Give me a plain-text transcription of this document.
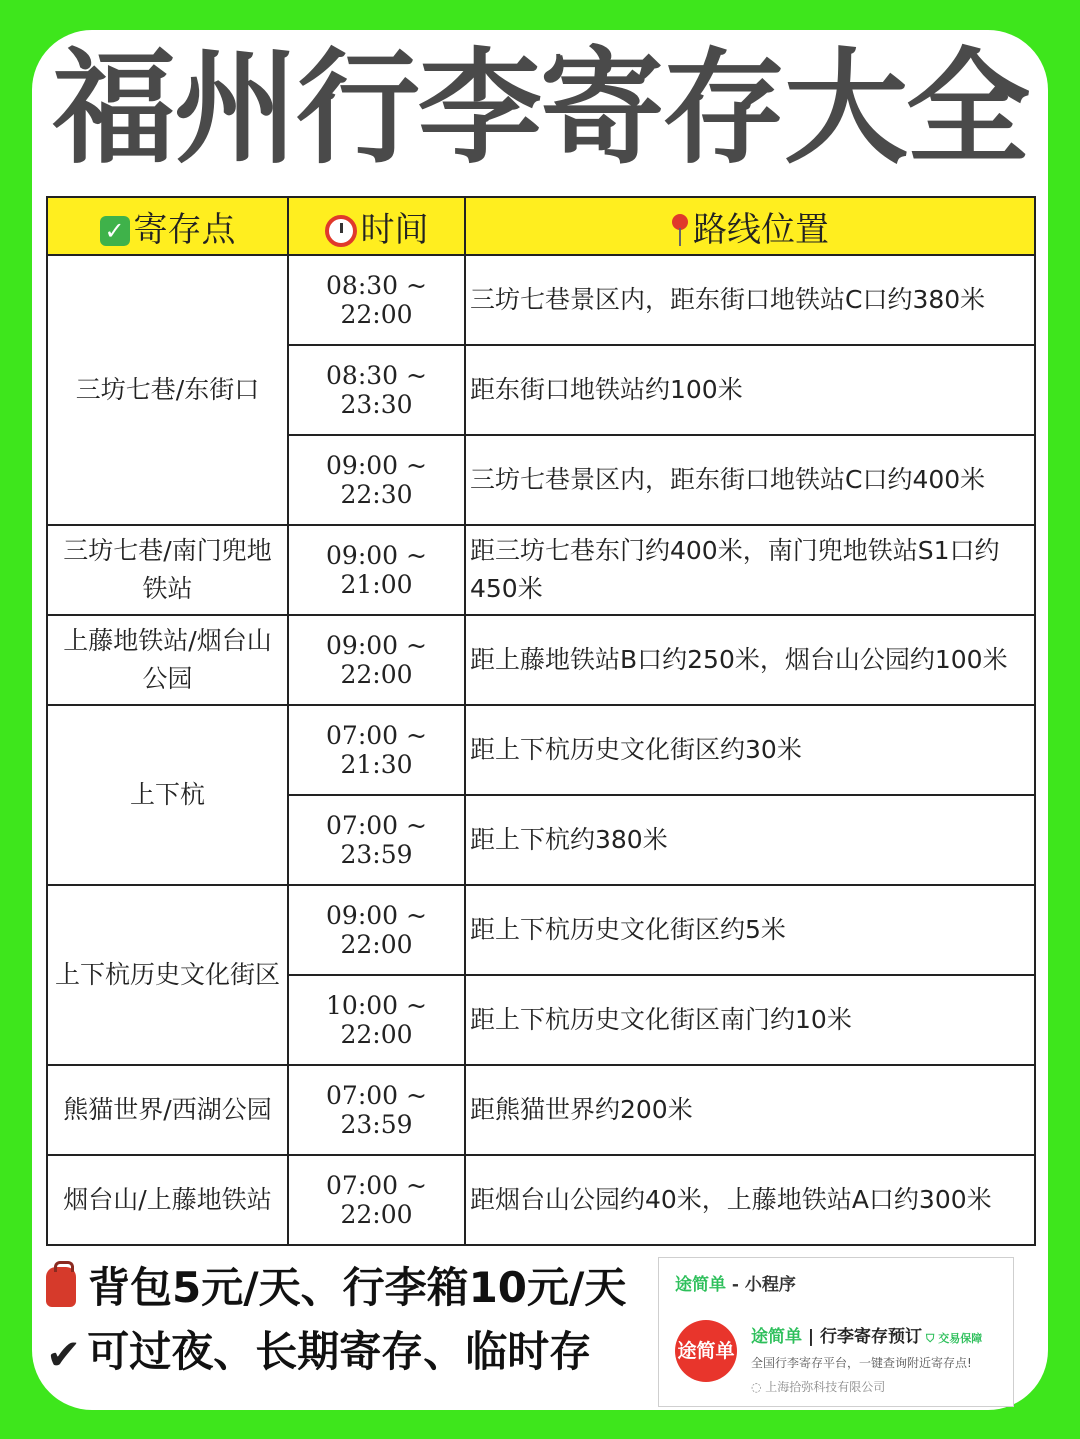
福州行李寄存大全
✓ 寄存点	时间	路线位置
三坊七巷/东街口	08:30 ~ 22:00	三坊七巷景区内，距东街口地铁站C口约380米
	08:30 ~ 23:30	距东街口地铁站约100米
	09:00 ~ 22:30	三坊七巷景区内，距东街口地铁站C口约400米
三坊七巷/南门兜地铁站	09:00 ~ 21:00	距三坊七巷东门约400米，南门兜地铁站S1口约450米
上藤地铁站/烟台山公园	09:00 ~ 22:00	距上藤地铁站B口约250米，烟台山公园约100米
上下杭	07:00 ~ 21:30	距上下杭历史文化街区约30米
	07:00 ~ 23:59	距上下杭约380米
上下杭历史文化街区	09:00 ~ 22:00	距上下杭历史文化街区约5米
	10:00 ~ 22:00	距上下杭历史文化街区南门约10米
熊猫世界/西湖公园	07:00 ~ 23:59	距熊猫世界约200米
烟台山/上藤地铁站	07:00 ~ 22:00	距烟台山公园约40米，上藤地铁站A口约300米
背包5元/天、行李箱10元/天
✔ 可过夜、长期寄存、临时存
途简单 - 小程序
途简单
途简单 | 行李寄存预订 ⛉ 交易保障
全国行李寄存平台，一键查询附近寄存点!
◌ 上海拾弥科技有限公司
